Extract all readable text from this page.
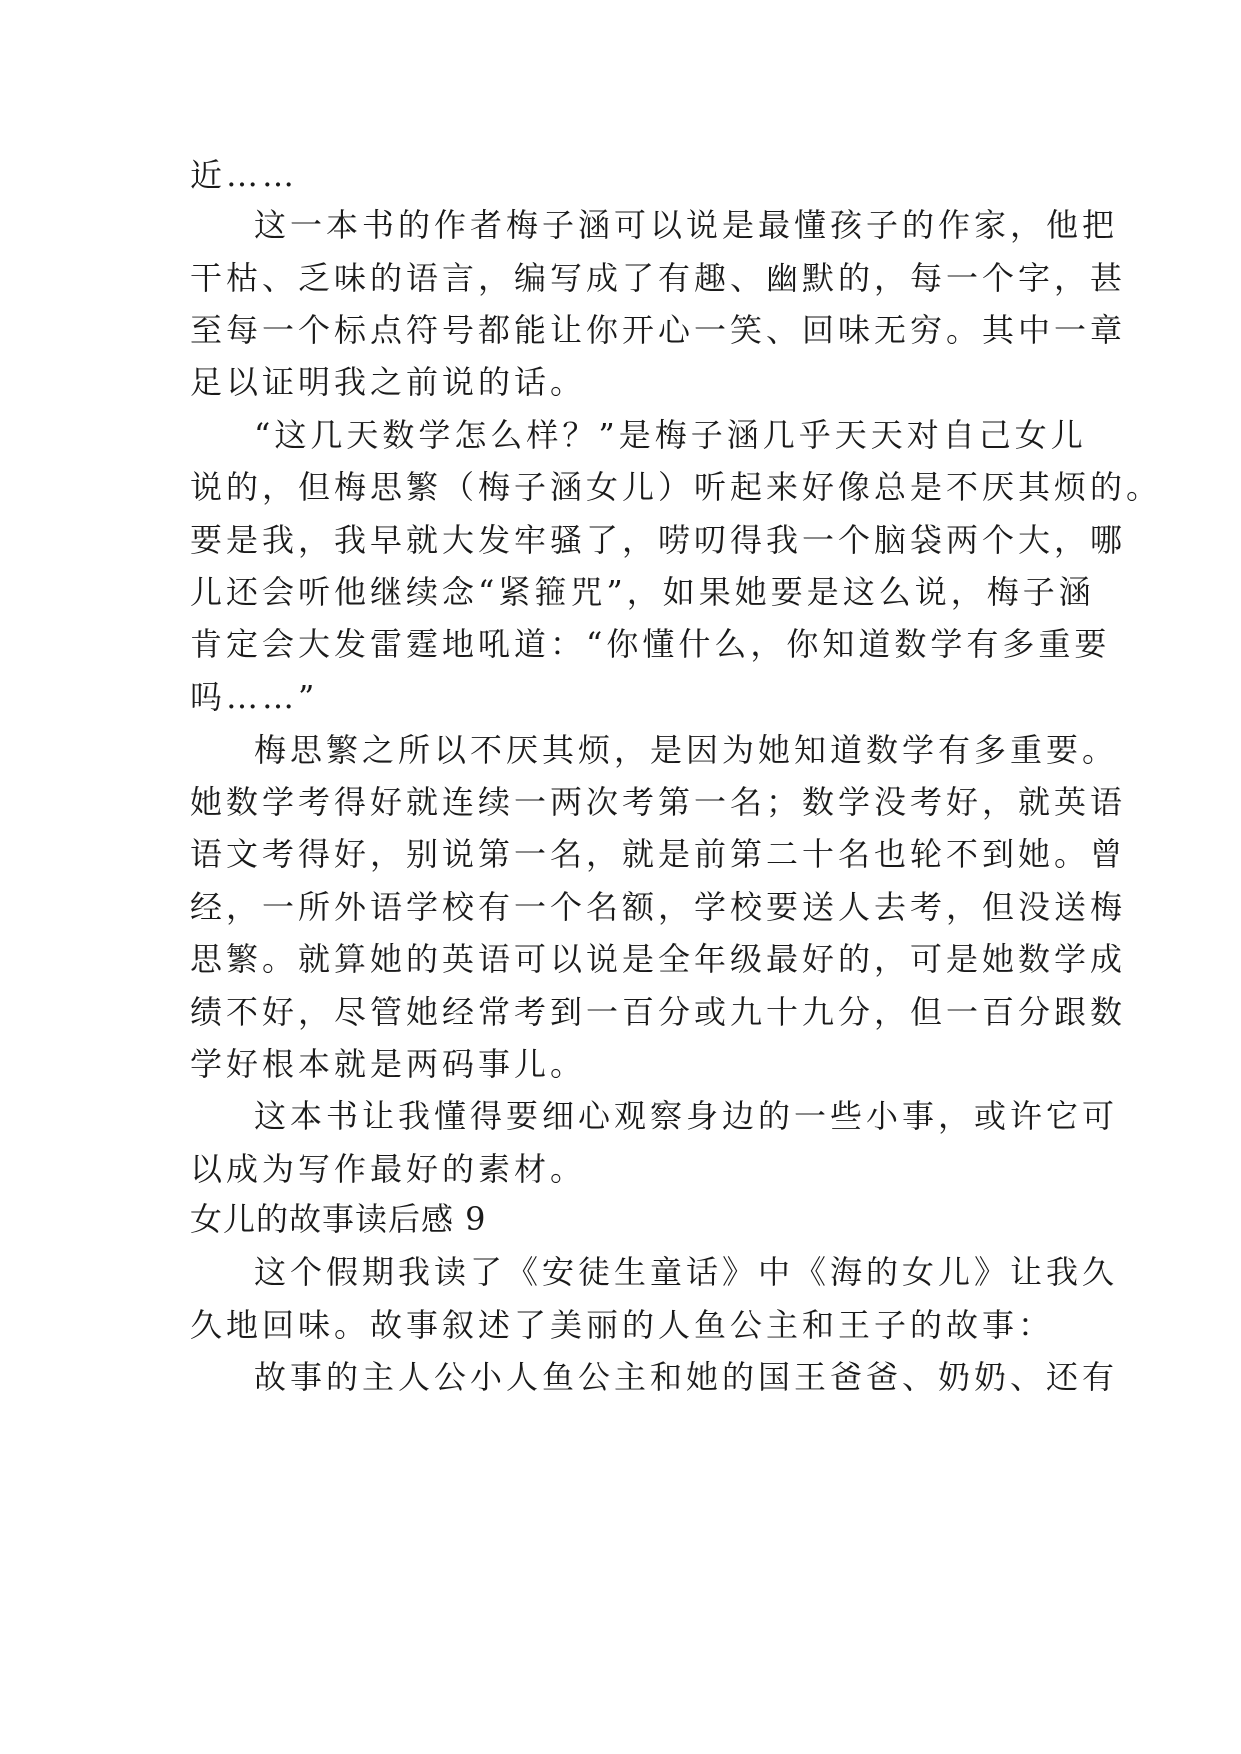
近……
这一本书的作者梅子涵可以说是最懂孩子的作家，他把
干枯、乏味的语言，编写成了有趣、幽默的，每一个字，甚
至每一个标点符号都能让你开心一笑、回味无穷。其中一章
足以证明我之前说的话。
“这几天数学怎么样？”是梅子涵几乎天天对自己女儿
说的，但梅思繁（梅子涵女儿）听起来好像总是不厌其烦的。
要是我，我早就大发牢骚了，唠叨得我一个脑袋两个大，哪
儿还会听他继续念“紧箍咒”，如果她要是这么说，梅子涵
肯定会大发雷霆地吼道：“你懂什么，你知道数学有多重要
吗……”
梅思繁之所以不厌其烦，是因为她知道数学有多重要。
她数学考得好就连续一两次考第一名；数学没考好，就英语
语文考得好，别说第一名，就是前第二十名也轮不到她。曾
经，一所外语学校有一个名额，学校要送人去考，但没送梅
思繁。就算她的英语可以说是全年级最好的，可是她数学成
绩不好，尽管她经常考到一百分或九十九分，但一百分跟数
学好根本就是两码事儿。
这本书让我懂得要细心观察身边的一些小事，或许它可
以成为写作最好的素材。
女儿的故事读后感 9
这个假期我读了《安徒生童话》中《海的女儿》让我久
久地回味。故事叙述了美丽的人鱼公主和王子的故事：
故事的主人公小人鱼公主和她的国王爸爸、奶奶、还有
